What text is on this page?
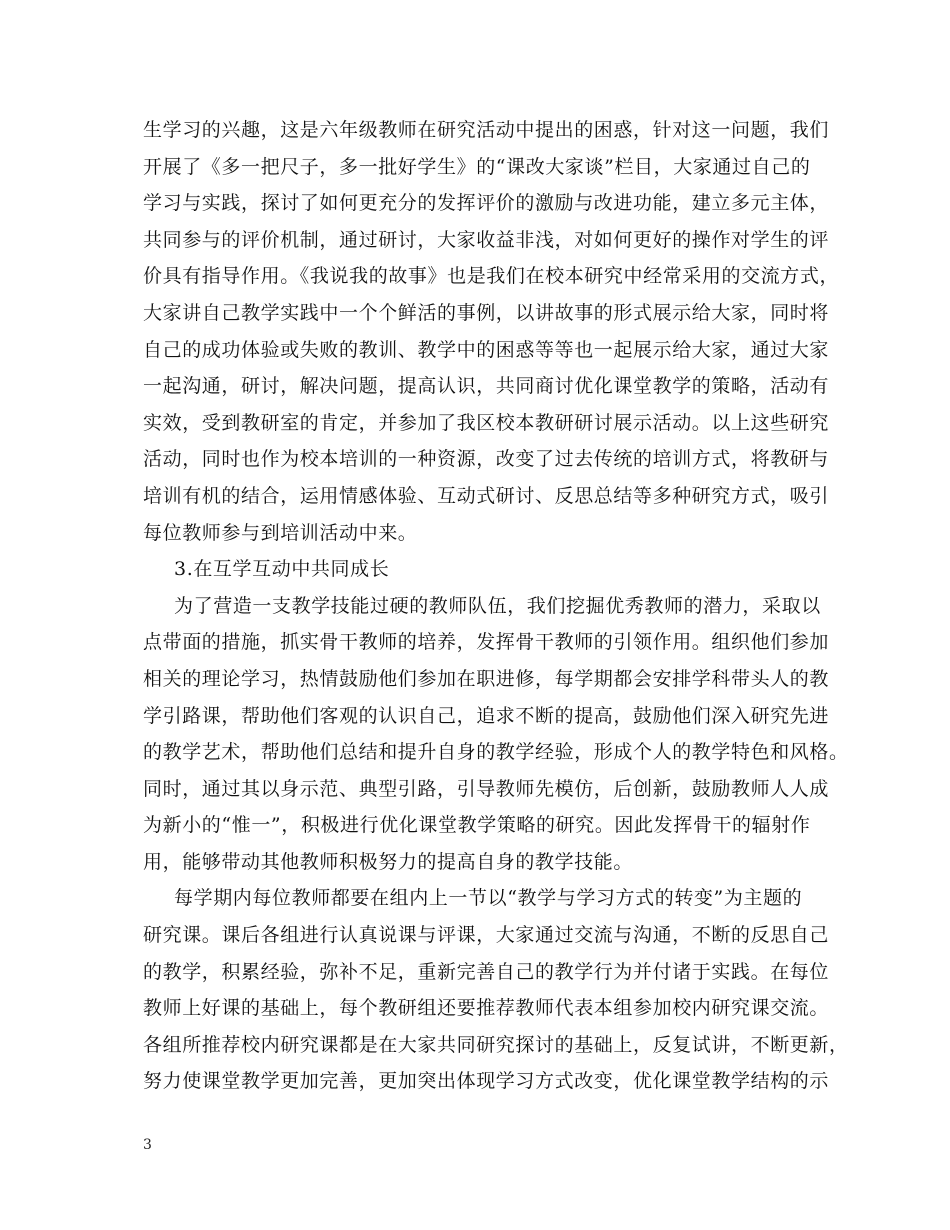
生学习的兴趣，这是六年级教师在研究活动中提出的困惑，针对这一问题，我们
开展了《多一把尺子，多一批好学生》的“课改大家谈”栏目，大家通过自己的
学习与实践，探讨了如何更充分的发挥评价的激励与改进功能，建立多元主体，
共同参与的评价机制，通过研讨，大家收益非浅，对如何更好的操作对学生的评
价具有指导作用。《我说我的故事》也是我们在校本研究中经常采用的交流方式，
大家讲自己教学实践中一个个鲜活的事例，以讲故事的形式展示给大家，同时将
自己的成功体验或失败的教训、教学中的困惑等等也一起展示给大家，通过大家
一起沟通，研讨，解决问题，提高认识，共同商讨优化课堂教学的策略，活动有
实效，受到教研室的肯定，并参加了我区校本教研研讨展示活动。以上这些研究
活动，同时也作为校本培训的一种资源，改变了过去传统的培训方式，将教研与
培训有机的结合，运用情感体验、互动式研讨、反思总结等多种研究方式，吸引
每位教师参与到培训活动中来。
3.在互学互动中共同成长
为了营造一支教学技能过硬的教师队伍，我们挖掘优秀教师的潜力，采取以
点带面的措施，抓实骨干教师的培养，发挥骨干教师的引领作用。组织他们参加
相关的理论学习，热情鼓励他们参加在职进修，每学期都会安排学科带头人的教
学引路课，帮助他们客观的认识自己，追求不断的提高，鼓励他们深入研究先进
的教学艺术，帮助他们总结和提升自身的教学经验，形成个人的教学特色和风格。
同时，通过其以身示范、典型引路，引导教师先模仿，后创新，鼓励教师人人成
为新小的“惟一”，积极进行优化课堂教学策略的研究。因此发挥骨干的辐射作
用，能够带动其他教师积极努力的提高自身的教学技能。
每学期内每位教师都要在组内上一节以“教学与学习方式的转变”为主题的
研究课。课后各组进行认真说课与评课，大家通过交流与沟通，不断的反思自己
的教学，积累经验，弥补不足，重新完善自己的教学行为并付诸于实践。在每位
教师上好课的基础上，每个教研组还要推荐教师代表本组参加校内研究课交流。
各组所推荐校内研究课都是在大家共同研究探讨的基础上，反复试讲，不断更新，
努力使课堂教学更加完善，更加突出体现学习方式改变，优化课堂教学结构的示
3
